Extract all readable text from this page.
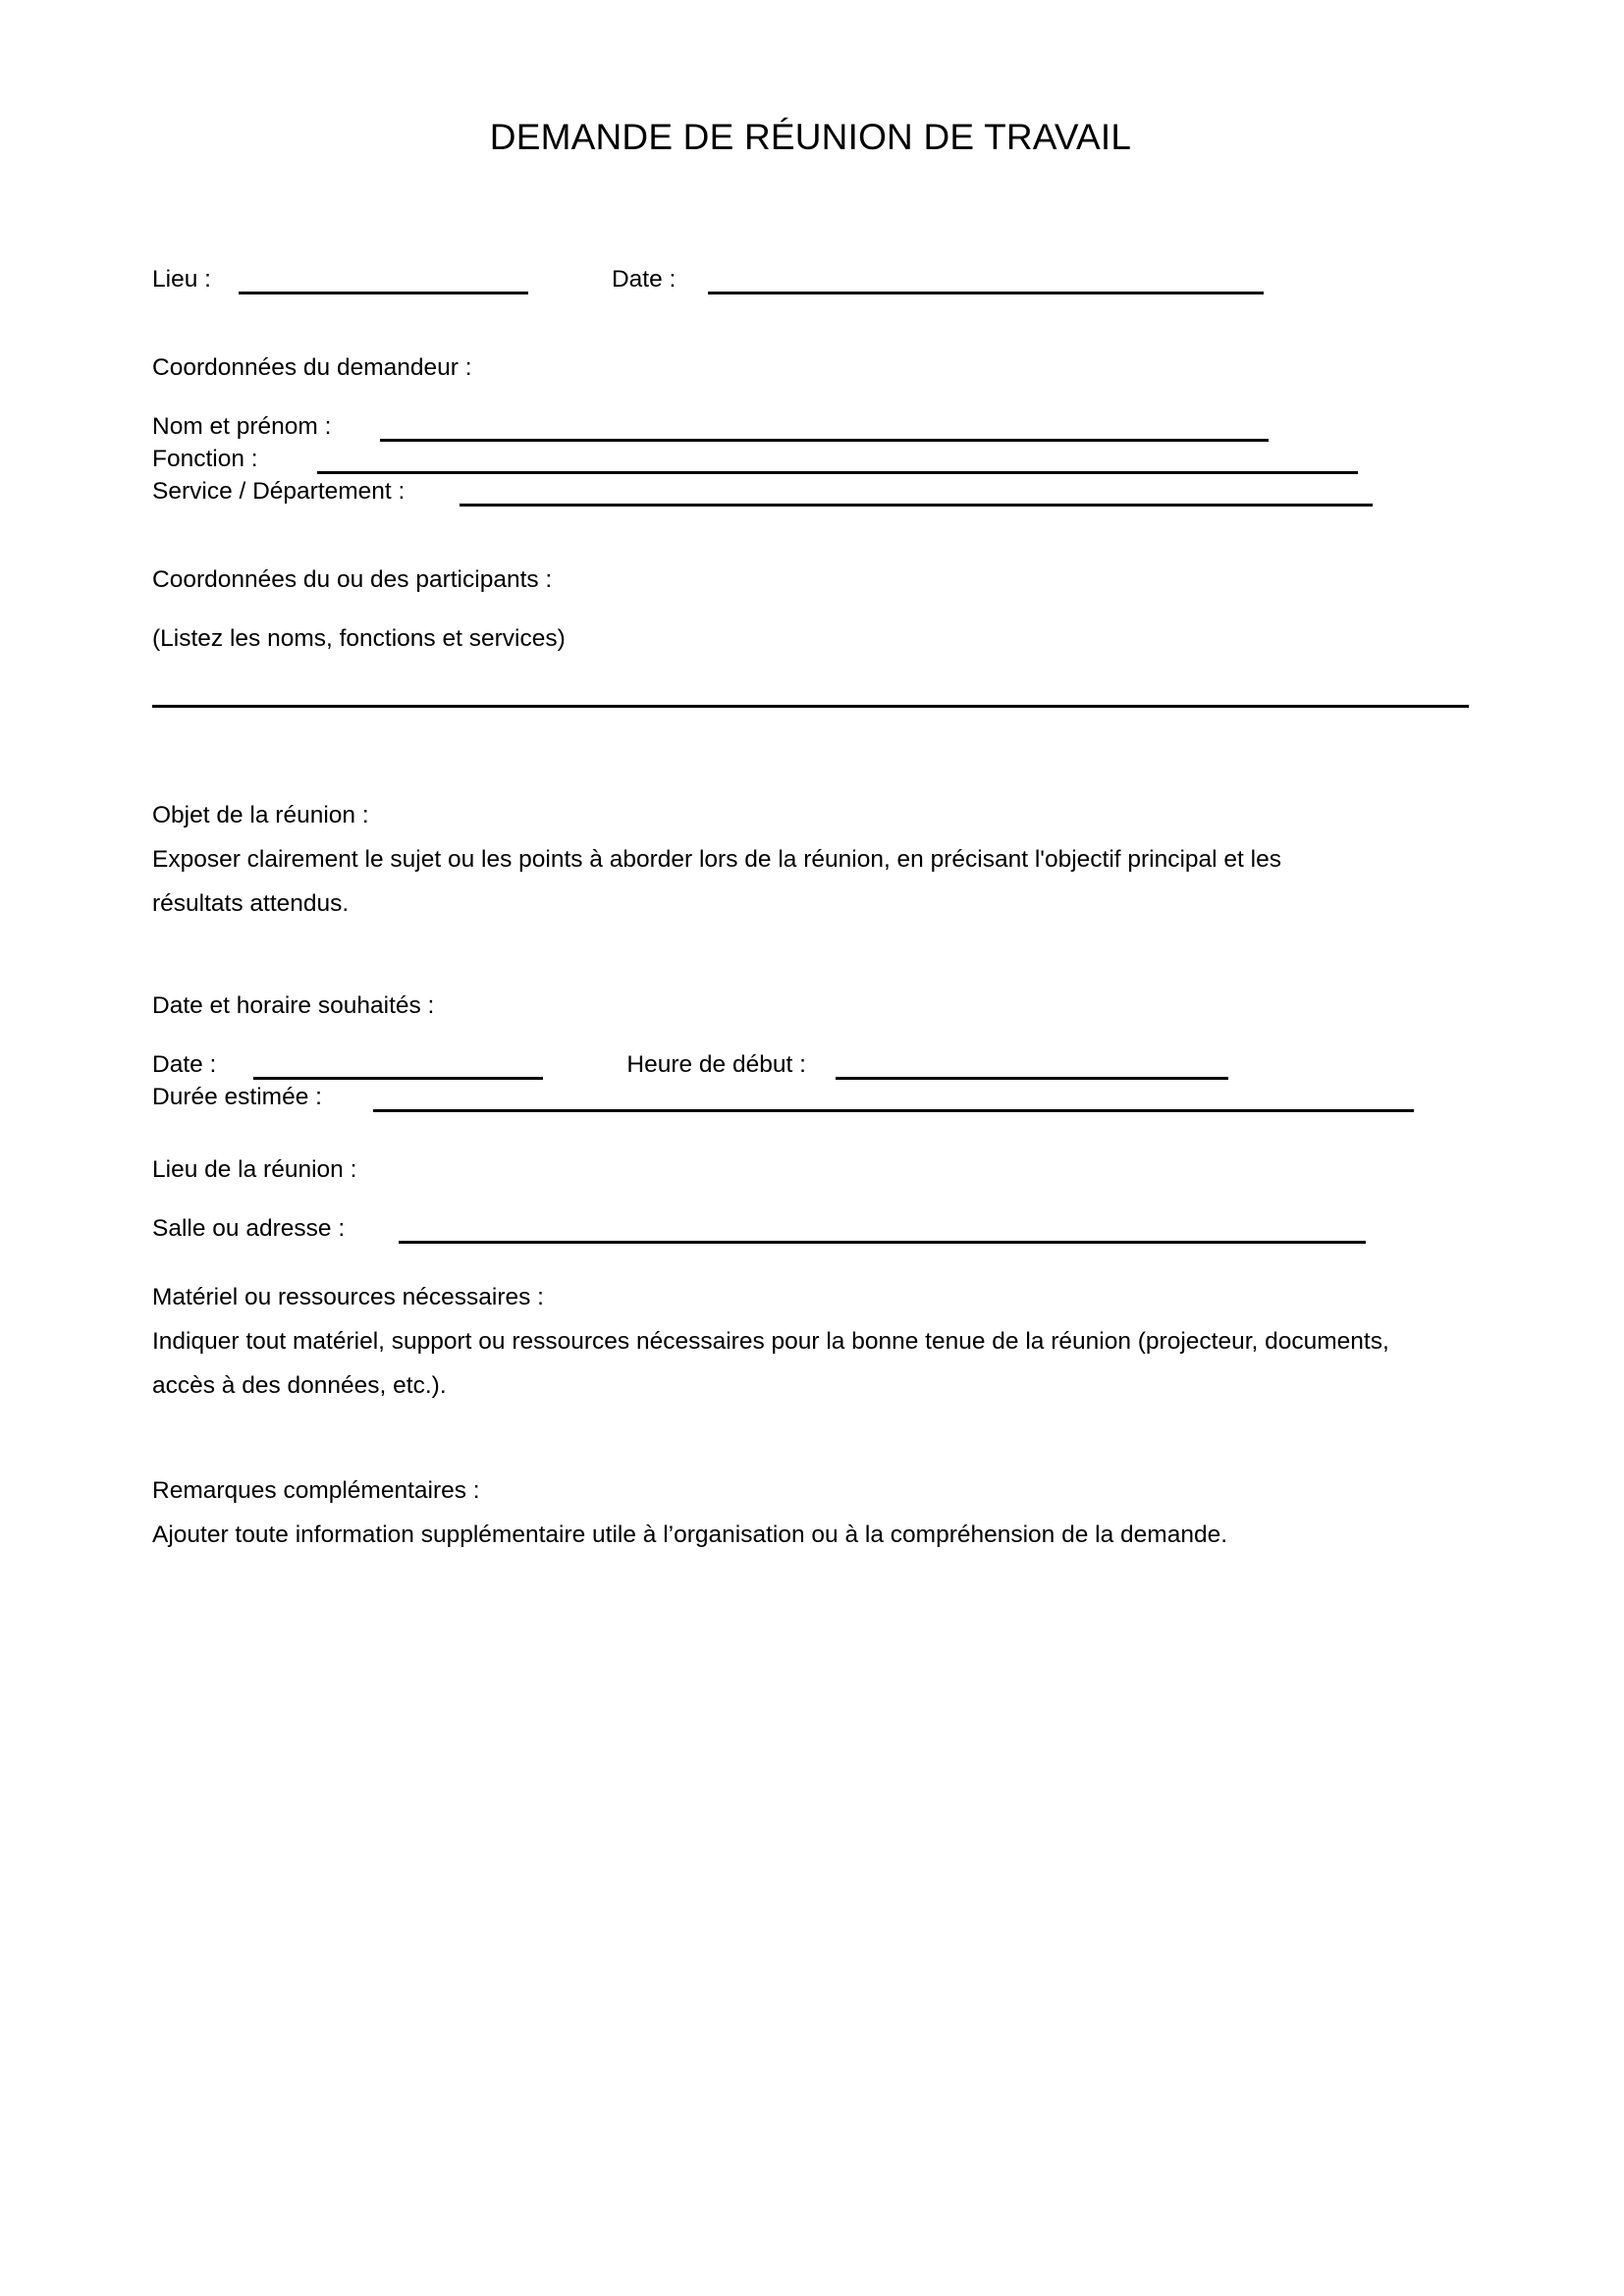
DEMANDE DE RÉUNION DE TRAVAIL
Lieu :	Date :
Coordonnées du demandeur :
Nom et prénom :
Fonction :
Service / Département :
Coordonnées du ou des participants :
(Listez les noms, fonctions et services)
Objet de la réunion :
Exposer clairement le sujet ou les points à aborder lors de la réunion, en précisant l'objectif principal et les résultats attendus.
Date et horaire souhaités :
Date :	Heure de début :
Durée estimée :
Lieu de la réunion :
Salle ou adresse :
Matériel ou ressources nécessaires :
Indiquer tout matériel, support ou ressources nécessaires pour la bonne tenue de la réunion (projecteur, documents, accès à des données, etc.).
Remarques complémentaires :
Ajouter toute information supplémentaire utile à l’organisation ou à la compréhension de la demande.
